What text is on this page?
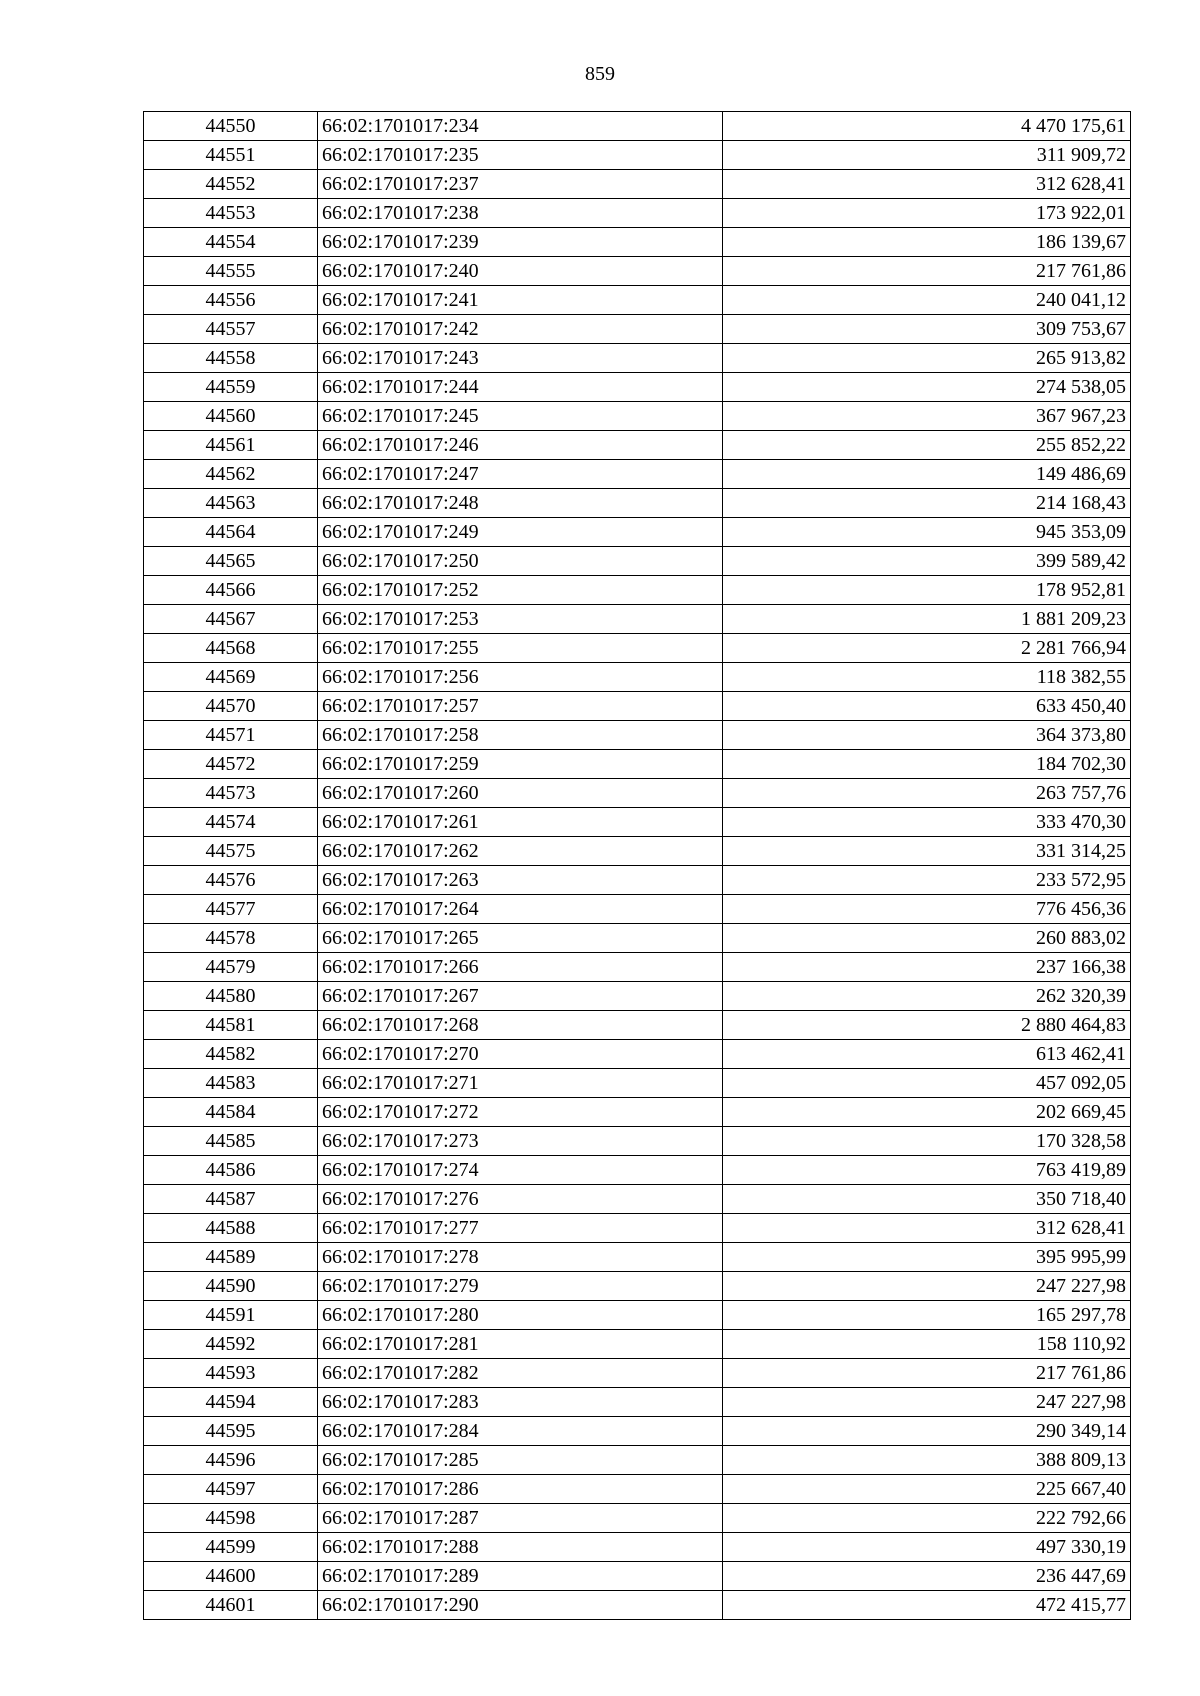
859
44550	66:02:1701017:234	4 470 175,61
44551	66:02:1701017:235	311 909,72
44552	66:02:1701017:237	312 628,41
44553	66:02:1701017:238	173 922,01
44554	66:02:1701017:239	186 139,67
44555	66:02:1701017:240	217 761,86
44556	66:02:1701017:241	240 041,12
44557	66:02:1701017:242	309 753,67
44558	66:02:1701017:243	265 913,82
44559	66:02:1701017:244	274 538,05
44560	66:02:1701017:245	367 967,23
44561	66:02:1701017:246	255 852,22
44562	66:02:1701017:247	149 486,69
44563	66:02:1701017:248	214 168,43
44564	66:02:1701017:249	945 353,09
44565	66:02:1701017:250	399 589,42
44566	66:02:1701017:252	178 952,81
44567	66:02:1701017:253	1 881 209,23
44568	66:02:1701017:255	2 281 766,94
44569	66:02:1701017:256	118 382,55
44570	66:02:1701017:257	633 450,40
44571	66:02:1701017:258	364 373,80
44572	66:02:1701017:259	184 702,30
44573	66:02:1701017:260	263 757,76
44574	66:02:1701017:261	333 470,30
44575	66:02:1701017:262	331 314,25
44576	66:02:1701017:263	233 572,95
44577	66:02:1701017:264	776 456,36
44578	66:02:1701017:265	260 883,02
44579	66:02:1701017:266	237 166,38
44580	66:02:1701017:267	262 320,39
44581	66:02:1701017:268	2 880 464,83
44582	66:02:1701017:270	613 462,41
44583	66:02:1701017:271	457 092,05
44584	66:02:1701017:272	202 669,45
44585	66:02:1701017:273	170 328,58
44586	66:02:1701017:274	763 419,89
44587	66:02:1701017:276	350 718,40
44588	66:02:1701017:277	312 628,41
44589	66:02:1701017:278	395 995,99
44590	66:02:1701017:279	247 227,98
44591	66:02:1701017:280	165 297,78
44592	66:02:1701017:281	158 110,92
44593	66:02:1701017:282	217 761,86
44594	66:02:1701017:283	247 227,98
44595	66:02:1701017:284	290 349,14
44596	66:02:1701017:285	388 809,13
44597	66:02:1701017:286	225 667,40
44598	66:02:1701017:287	222 792,66
44599	66:02:1701017:288	497 330,19
44600	66:02:1701017:289	236 447,69
44601	66:02:1701017:290	472 415,77
